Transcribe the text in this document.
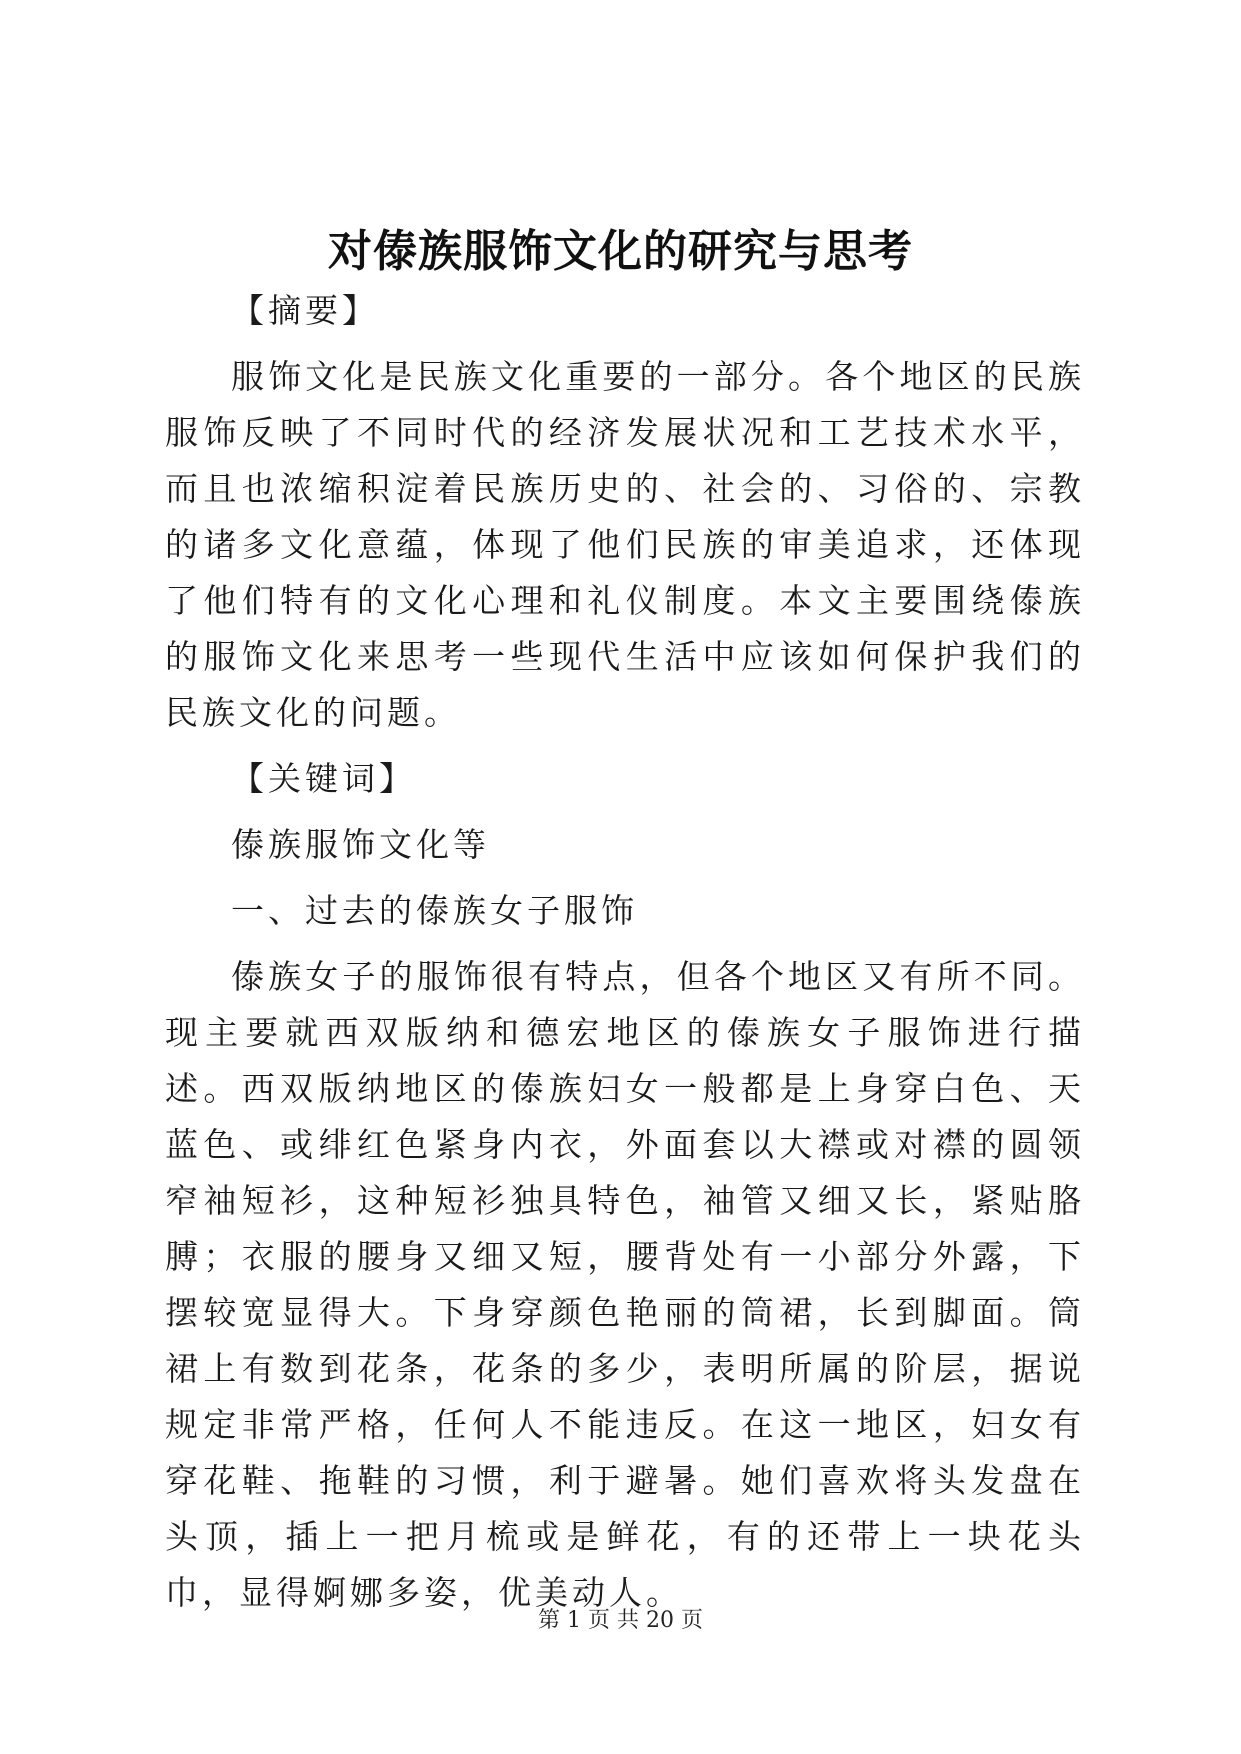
对傣族服饰文化的研究与思考

【摘要】

服饰文化是民族文化重要的一部分。各个地区的民族服饰反映了不同时代的经济发展状况和工艺技术水平，而且也浓缩积淀着民族历史的、社会的、习俗的、宗教的诸多文化意蕴，体现了他们民族的审美追求，还体现了他们特有的文化心理和礼仪制度。本文主要围绕傣族的服饰文化来思考一些现代生活中应该如何保护我们的民族文化的问题。

【关键词】

傣族服饰文化等

一、过去的傣族女子服饰

傣族女子的服饰很有特点，但各个地区又有所不同。现主要就西双版纳和德宏地区的傣族女子服饰进行描述。西双版纳地区的傣族妇女一般都是上身穿白色、天蓝色、或绯红色紧身内衣，外面套以大襟或对襟的圆领窄袖短衫，这种短衫独具特色，袖管又细又长，紧贴胳膊；衣服的腰身又细又短，腰背处有一小部分外露，下摆较宽显得大。下身穿颜色艳丽的筒裙，长到脚面。筒裙上有数到花条，花条的多少，表明所属的阶层，据说规定非常严格，任何人不能违反。在这一地区，妇女有穿花鞋、拖鞋的习惯，利于避暑。她们喜欢将头发盘在头顶，插上一把月梳或是鲜花，有的还带上一块花头巾，显得婀娜多姿，优美动人。

第 1 页 共 20 页
